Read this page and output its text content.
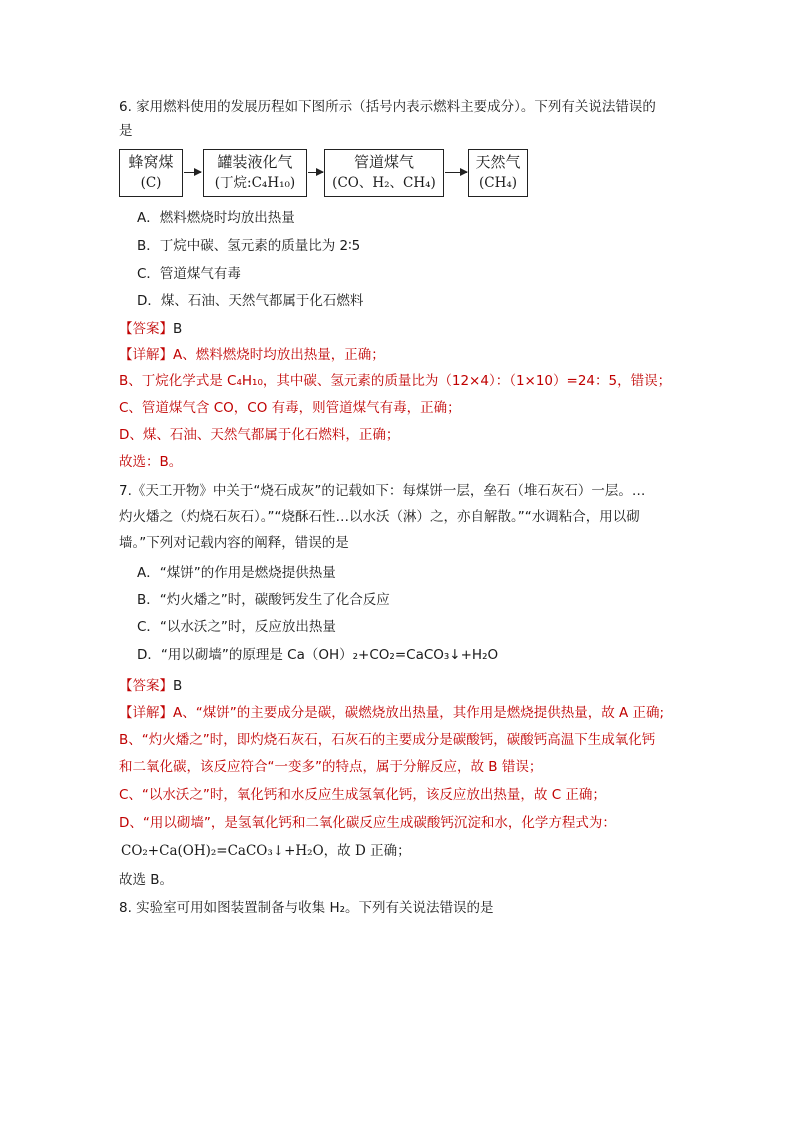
6. 家用燃料使用的发展历程如下图所示（括号内表示燃料主要成分）。下列有关说法错误的
是
蜂窝煤
(C)
罐装液化气
(丁烷:C₄H₁₀)
管道煤气
(CO、H₂、CH₄)
天然气
(CH₄)
A．燃料燃烧时均放出热量
B．丁烷中碳、氢元素的质量比为 2∶5
C．管道煤气有毒
D．煤、石油、天然气都属于化石燃料
【答案】B
【详解】A、燃料燃烧时均放出热量，正确；
B、丁烷化学式是 C₄H₁₀，其中碳、氢元素的质量比为（12×4）：（1×10）=24：5，错误；
C、管道煤气含 CO，CO 有毒，则管道煤气有毒，正确；
D、煤、石油、天然气都属于化石燃料，正确；
故选：B。
7.《天工开物》中关于“烧石成灰”的记载如下：每煤饼一层，垒石（堆石灰石）一层。…
灼火燔之（灼烧石灰石）。”“烧酥石性…以水沃（淋）之，亦自解散。”“水调粘合，用以砌
墙。”下列对记载内容的阐释，错误的是
A．“煤饼”的作用是燃烧提供热量
B．“灼火燔之”时，碳酸钙发生了化合反应
C．“以水沃之”时，反应放出热量
D．“用以砌墙”的原理是 Ca（OH）₂+CO₂=CaCO₃↓+H₂O
【答案】B
【详解】A、“煤饼”的主要成分是碳，碳燃烧放出热量，其作用是燃烧提供热量，故 A 正确;
B、“灼火燔之”时，即灼烧石灰石，石灰石的主要成分是碳酸钙，碳酸钙高温下生成氧化钙
和二氧化碳，该反应符合“一变多”的特点，属于分解反应，故 B 错误；
C、“以水沃之”时，氧化钙和水反应生成氢氧化钙，该反应放出热量，故 C 正确；
D、“用以砌墙”，是氢氧化钙和二氧化碳反应生成碳酸钙沉淀和水，化学方程式为：
CO₂+Ca(OH)₂=CaCO₃↓+H₂O，故 D 正确；
故选 B。
8. 实验室可用如图装置制备与收集 H₂。下列有关说法错误的是
